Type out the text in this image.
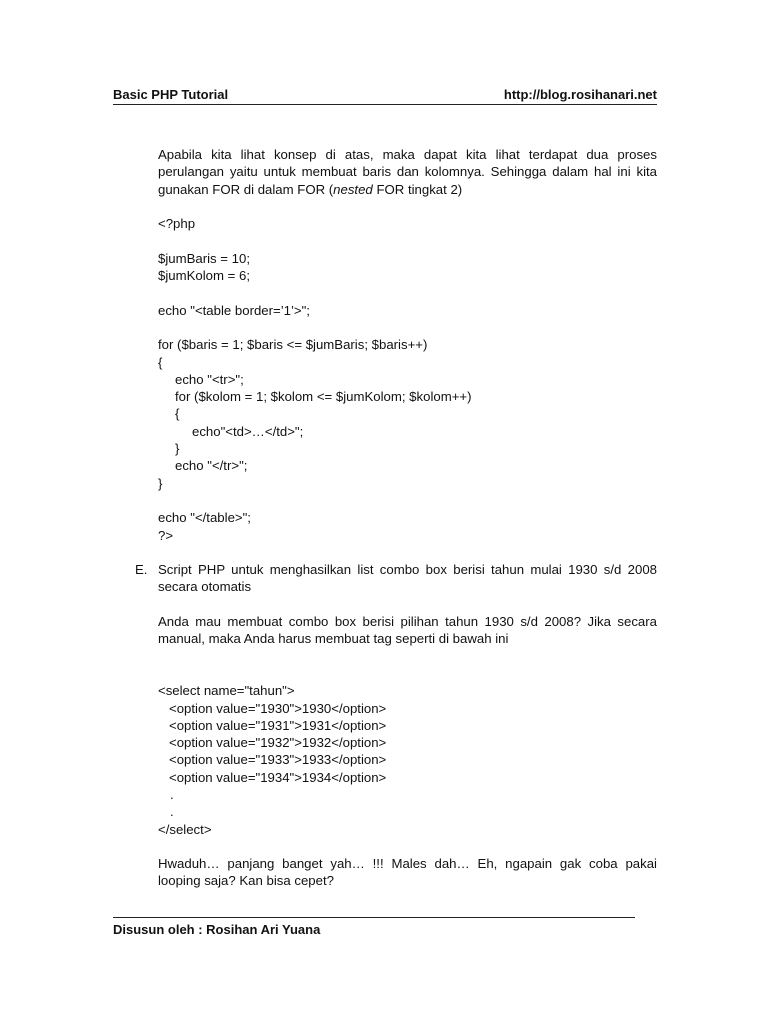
Basic PHP Tutorial	http://blog.rosihanari.net

Apabila kita lihat konsep di atas, maka dapat kita lihat terdapat dua proses perulangan yaitu untuk membuat baris dan kolomnya. Sehingga dalam hal ini kita gunakan FOR di dalam FOR (nested FOR tingkat 2)

<?php
$jumBaris = 10;
$jumKolom = 6;
echo "<table border=’1’>";
for ($baris = 1; $baris <= $jumBaris; $baris++)
{
echo "<tr>";
for ($kolom = 1; $kolom <= $jumKolom; $kolom++)
{
echo"<td>…</td>";
}
echo "</tr>";
}
echo "</table>";
?>
E. Script PHP untuk menghasilkan list combo box berisi tahun mulai 1930 s/d 2008 secara otomatis

Anda mau membuat combo box berisi pilihan tahun 1930 s/d 2008? Jika secara manual, maka Anda harus membuat tag seperti di bawah ini

<select name="tahun">
<option value="1930">1930</option>
<option value="1931">1931</option>
<option value="1932">1932</option>
<option value="1933">1933</option>
<option value="1934">1934</option>
.
.
</select>

Hwaduh… panjang banget yah… !!! Males dah… Eh, ngapain gak coba pakai looping saja? Kan bisa cepet?

Disusun oleh : Rosihan Ari Yuana
